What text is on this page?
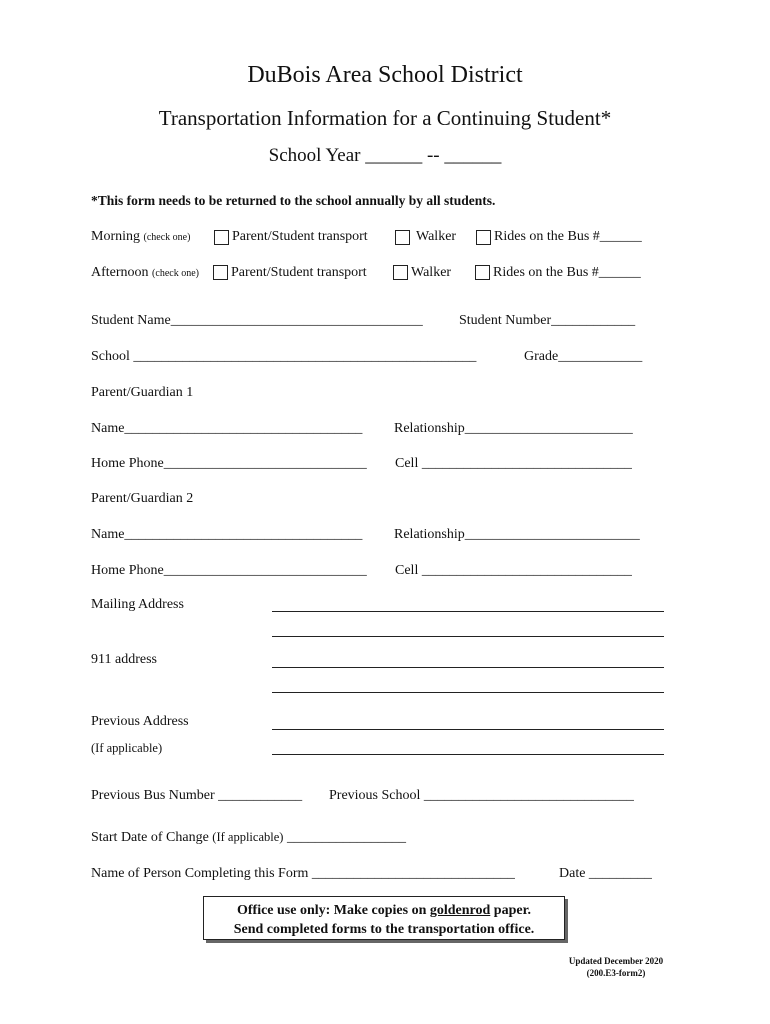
DuBois Area School District
Transportation Information for a Continuing Student*
School Year ______ -- ______
*This form needs to be returned to the school annually by all students.
Morning (check one)	Parent/Student transport	Walker	Rides on the Bus #______
Afternoon (check one) Parent/Student transport	Walker	Rides on the Bus #______
Student Name____________________________________	Student Number____________
School _________________________________________________	Grade____________
Parent/Guardian 1
Name__________________________________ Relationship________________________
Home Phone_____________________________ Cell ______________________________
Parent/Guardian 2
Name__________________________________ Relationship_________________________
Home Phone_____________________________ Cell ______________________________
Mailing Address
911 address
Previous Address
(If applicable)
Previous Bus Number ____________ Previous School ______________________________
Start Date of Change (If applicable) _________________
Name of Person Completing this Form _____________________________	Date _________
Office use only: Make copies on goldenrod paper.
Send completed forms to the transportation office.
Updated December 2020
(200.E3-form2)
